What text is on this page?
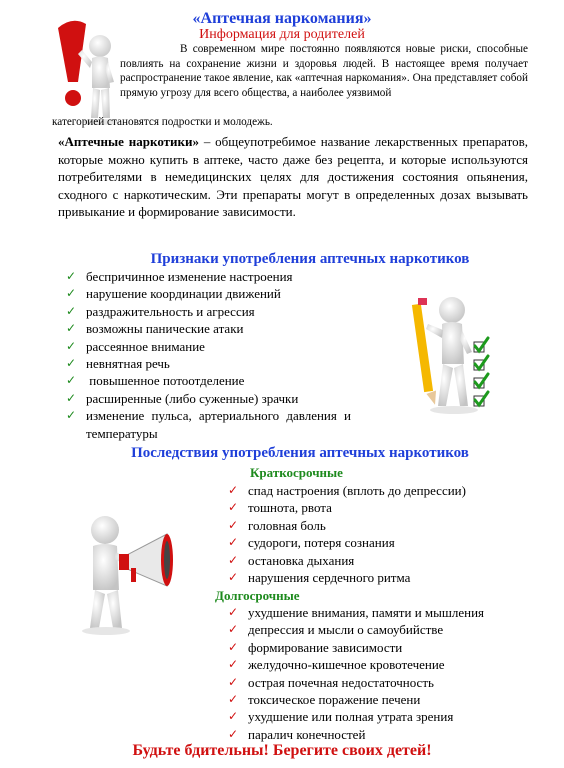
«Аптечная наркомания»
Информация для родителей
В современном мире постоянно появляются новые риски, способные повлиять на сохранение жизни и здоровья людей. В настоящее время получает распространение такое явление, как «аптечная наркомания». Она представляет собой прямую угрозу для всего общества, а наиболее уязвимой
категорией становятся подростки и молодежь.
«Аптечные наркотики» – общеупотребимое название лекарственных препаратов, которые можно купить в аптеке, часто даже без рецепта, и которые используются потребителями в немедицинских целях для достижения состояния опьянения, сходного с наркотическим. Эти препараты могут в определенных дозах вызывать привыкание и формирование зависимости.
Признаки употребления аптечных наркотиков
✓ беспричинное изменение настроения
✓ нарушение координации движений
✓ раздражительность и агрессия
✓ возможны панические атаки
✓ рассеянное внимание
✓ невнятная речь
✓ повышенное потоотделение
✓ расширенные (либо суженные) зрачки
✓ изменение пульса, артериального давления и температуры
Последствия употребления аптечных наркотиков
Краткосрочные
✓ спад настроения (вплоть до депрессии)
✓ тошнота, рвота
✓ головная боль
✓ судороги, потеря сознания
✓ остановка дыхания
✓ нарушения сердечного ритма
Долгосрочные
✓ ухудшение внимания, памяти и мышления
✓ депрессия и мысли о самоубийстве
✓ формирование зависимости
✓ желудочно-кишечное кровотечение
✓ острая почечная недостаточность
✓ токсическое поражение печени
✓ ухудшение или полная утрата зрения
✓ паралич конечностей
Будьте бдительны! Берегите своих детей!
